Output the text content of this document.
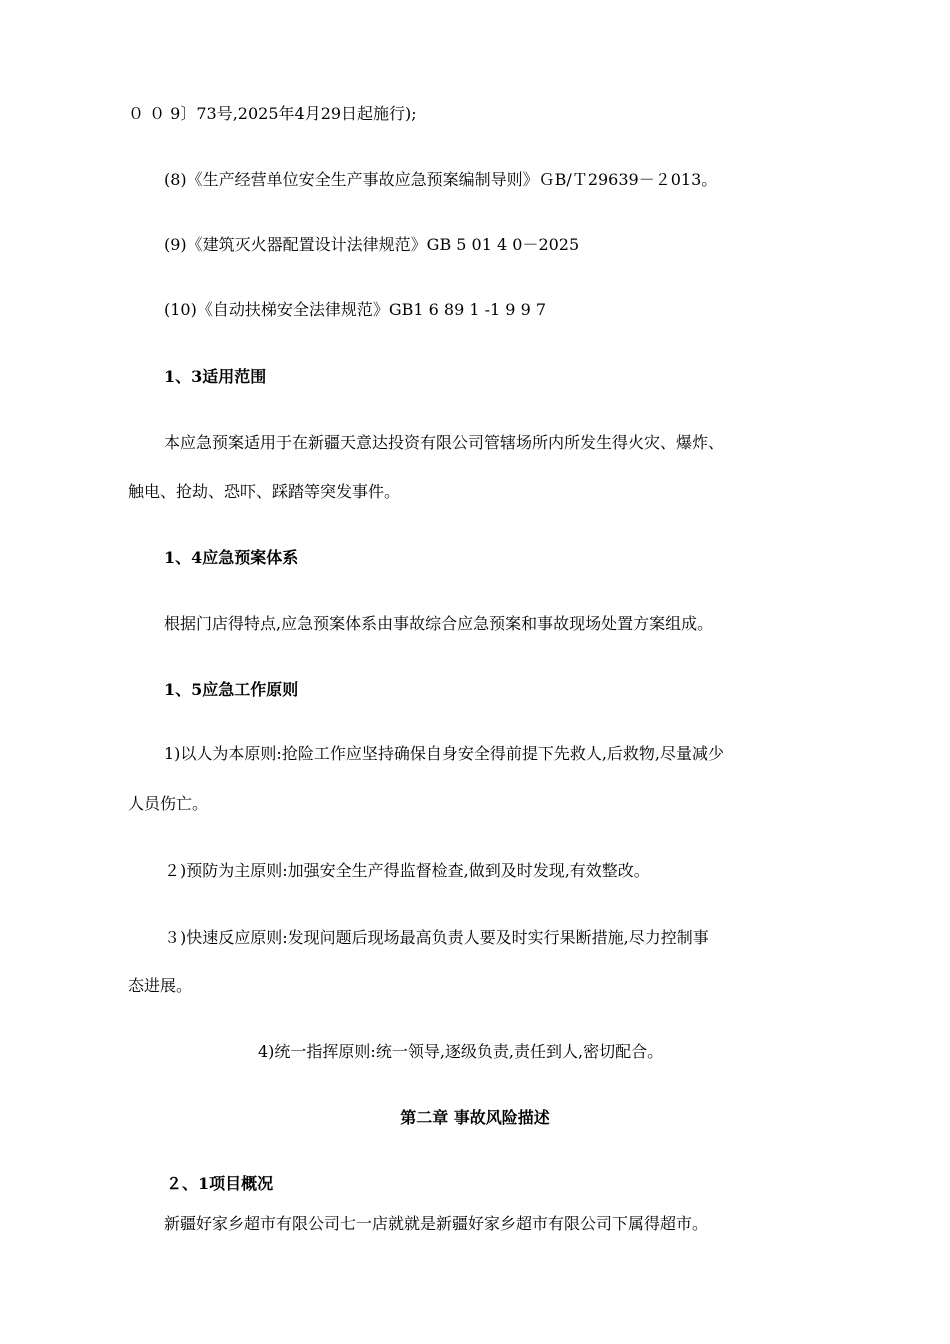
０ ０ 9〕73号,2025年4月29日起施行);
(8)《生产经营单位安全生产事故应急预案编制导则》ＧB/Ｔ29639－２013。
(9)《建筑灭火器配置设计法律规范》GB 5 01 4 0－2025
(10)《自动扶梯安全法律规范》GB1 6 89 1 -1 9 9 7
1、3适用范围
本应急预案适用于在新疆天意达投资有限公司管辖场所内所发生得火灾、爆炸、
触电、抢劫、恐吓、踩踏等突发事件。
1、4应急预案体系
根据门店得特点,应急预案体系由事故综合应急预案和事故现场处置方案组成。
1、5应急工作原则
1)以人为本原则:抢险工作应坚持确保自身安全得前提下先救人,后救物,尽量减少
人员伤亡。
２)预防为主原则:加强安全生产得监督检查,做到及时发现,有效整改。
３)快速反应原则:发现问题后现场最高负责人要及时实行果断措施,尽力控制事
态进展。
4)统一指挥原则:统一领导,逐级负责,责任到人,密切配合。
第二章 事故风险描述
２、1项目概况
新疆好家乡超市有限公司七一店就就是新疆好家乡超市有限公司下属得超市。
